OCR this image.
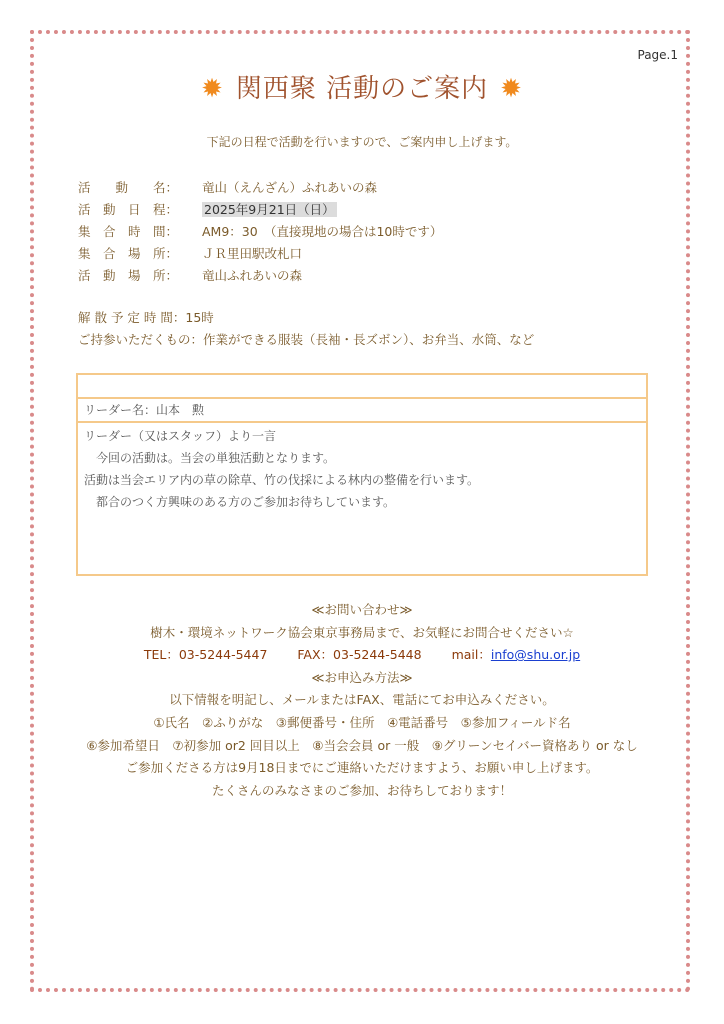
Page.1
✹ 関西聚 活動のご案内 ✹
下記の日程で活動を行いますので、ご案内申し上げます。
活　　動　　名： 竜山（えんざん）ふれあいの森
活　動　日　程： 2025年9月21日（日）
集　合　時　間： AM9：30　（直接現地の場合は10時です）
集　合　場　所： ＪＲ里田駅改札口
活　動　場　所： 竜山ふれあいの森
解 散 予 定 時 間：15時
ご持参いただくもの：作業ができる服装（長袖・長ズボン）、お弁当、水筒、など
リーダー名：山本　勲
リーダー（又はスタッフ）より一言
　今回の活動は。当会の単独活動となります。
活動は当会エリア内の草の除草、竹の伐採による林内の整備を行います。
　都合のつく方興味のある方のご参加お待ちしています。
≪お問い合わせ≫
樹木・環境ネットワーク協会東京事務局まで、お気軽にお問合せください☆
TEL：03-5244-5447 FAX：03-5244-5448 mail：info@shu.or.jp
≪お申込み方法≫
以下情報を明記し、メールまたはFAX、電話にてお申込みください。
①氏名　②ふりがな　③郵便番号・住所　④電話番号　⑤参加フィールド名
⑥参加希望日　⑦初参加 or2 回目以上　⑧当会会員 or 一般　⑨グリーンセイバー資格あり or なし
ご参加くださる方は9月18日までにご連絡いただけますよう、お願い申し上げます。
たくさんのみなさまのご参加、お待ちしております！
